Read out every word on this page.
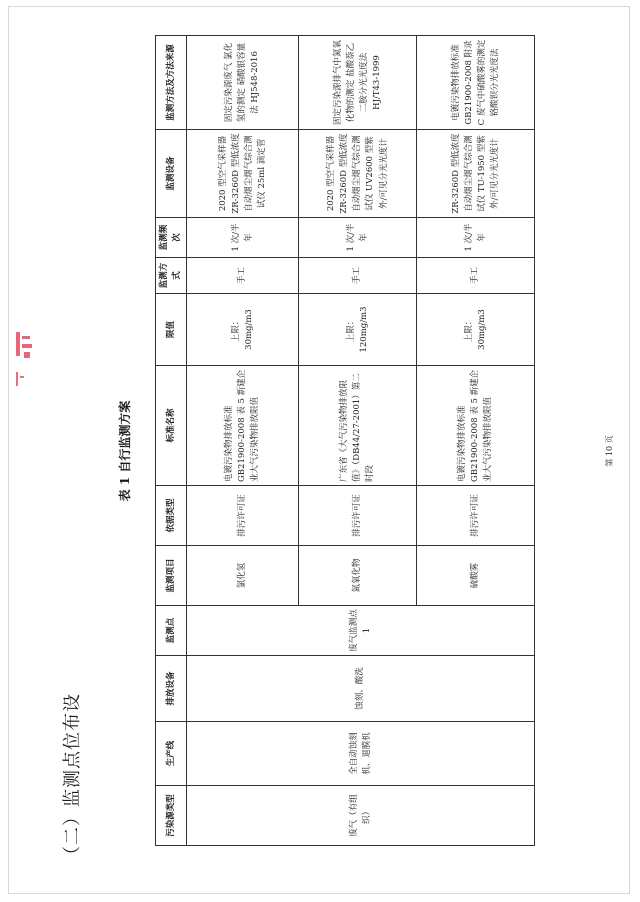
（二）监测点位布设
表 1 自行监测方案
污染源类型	生产线	排放设备	监测点	监测项目	依据类型	标准名称	限值	监测方式	监测频次	监测设备	监测方法及方法来源
废气（有组织）	全自动蚀刻机、退膜机	蚀刻、酸洗	废气监测点 1	氯化氢	排污许可证	电镀污染物排放标准 GB21900-2008 表 5 新建企业大气污染物排放限值	上限：30mg/m3	手工	1 次/半年	2020 型空气采样器 ZR-3260D 型低浓度自动烟尘烟气综合测试仪 25ml 滴定管	固定污染源废气 氯化氢的测定 硝酸银容量法 HJ548-2016
				氮氧化物	排污许可证	广东省《大气污染物排放限值》（DB44/27-2001）第二时段	上限：120mg/m3	手工	1 次/半年	2020 型空气采样器 ZR-3260D 型低浓度自动烟尘烟气综合测试仪 UV2600 型紫外/可见分光光度计	固定污染源排气中氮氧化物的测定 盐酸萘乙二胺分光光度法 HJ/T43-1999
				硫酸雾	排污许可证	电镀污染物排放标准 GB21900-2008 表 5 新建企业大气污染物排放限值	上限：30mg/m3	手工	1 次/半年	ZR-3260D 型低浓度自动烟尘烟气综合测试仪 TU-1950 型紫外/可见分光光度计	电镀污染物排放标准 GB21900-2008 附录 C 废气中硫酸雾的测定铬酸钡分光光度法
第 10 页
